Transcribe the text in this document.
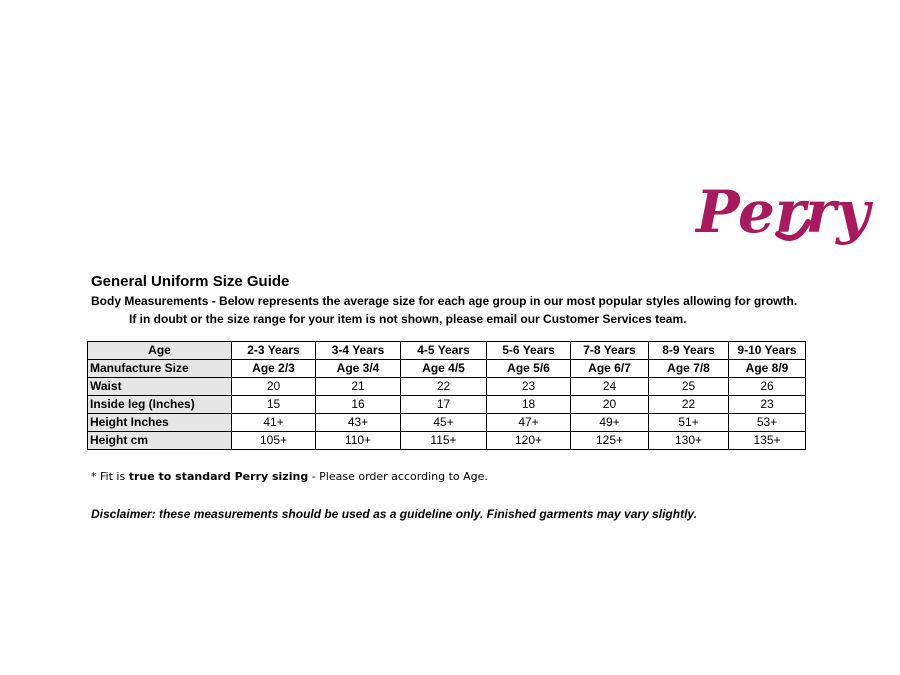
Perry
General Uniform Size Guide
Body Measurements - Below represents the average size for each age group in our most popular styles allowing for growth.
If in doubt or the size range for your item is not shown, please email our Customer Services team.
Age	2-3 Years	3-4 Years	4-5 Years	5-6 Years	7-8 Years	8-9 Years	9-10 Years
Manufacture Size	Age 2/3	Age 3/4	Age 4/5	Age 5/6	Age 6/7	Age 7/8	Age 8/9
Waist	20	21	22	23	24	25	26
Inside leg (Inches)	15	16	17	18	20	22	23
Height Inches	41+	43+	45+	47+	49+	51+	53+
Height cm	105+	110+	115+	120+	125+	130+	135+
* Fit is true to standard Perry sizing - Please order according to Age.
Disclaimer: these measurements should be used as a guideline only. Finished garments may vary slightly.
